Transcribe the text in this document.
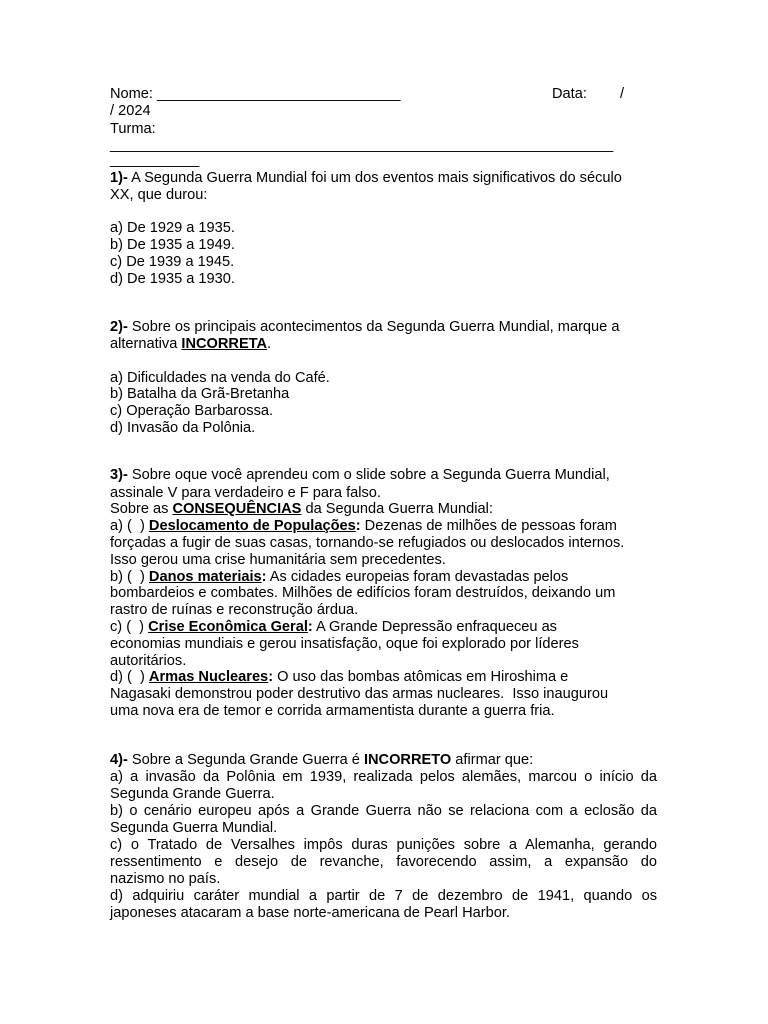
Nome: ______________________________	Data: /
/ 2024
Turma:
______________________________________________________________
___________
1)- A Segunda Guerra Mundial foi um dos eventos mais significativos do século
XX, que durou:
a) De 1929 a 1935.
b) De 1935 a 1949.
c) De 1939 a 1945.
d) De 1935 a 1930.
2)- Sobre os principais acontecimentos da Segunda Guerra Mundial, marque a
alternativa INCORRETA.
a) Dificuldades na venda do Café.
b) Batalha da Grã-Bretanha
c) Operação Barbarossa.
d) Invasão da Polônia.
3)- Sobre oque você aprendeu com o slide sobre a Segunda Guerra Mundial,
assinale V para verdadeiro e F para falso.
Sobre as CONSEQUÊNCIAS da Segunda Guerra Mundial:
a) (  ) Deslocamento de Populações: Dezenas de milhões de pessoas foram
forçadas a fugir de suas casas, tornando-se refugiados ou deslocados internos.
Isso gerou uma crise humanitária sem precedentes.
b) (  ) Danos materiais: As cidades europeias foram devastadas pelos
bombardeios e combates. Milhões de edifícios foram destruídos, deixando um
rastro de ruínas e reconstrução árdua.
c) (  ) Crise Econômica Geral: A Grande Depressão enfraqueceu as
economias mundiais e gerou insatisfação, oque foi explorado por líderes
autoritários.
d) (  ) Armas Nucleares: O uso das bombas atômicas em Hiroshima e
Nagasaki demonstrou poder destrutivo das armas nucleares.  Isso inaugurou
uma nova era de temor e corrida armamentista durante a guerra fria.
4)- Sobre a Segunda Grande Guerra é INCORRETO afirmar que:
a) a invasão da Polônia em 1939, realizada pelos alemães, marcou o início da
Segunda Grande Guerra.
b) o cenário europeu após a Grande Guerra não se relaciona com a eclosão da
Segunda Guerra Mundial.
c) o Tratado de Versalhes impôs duras punições sobre a Alemanha, gerando
ressentimento e desejo de revanche, favorecendo assim, a expansão do
nazismo no país.
d) adquiriu caráter mundial a partir de 7 de dezembro de 1941, quando os
japoneses atacaram a base norte-americana de Pearl Harbor.
